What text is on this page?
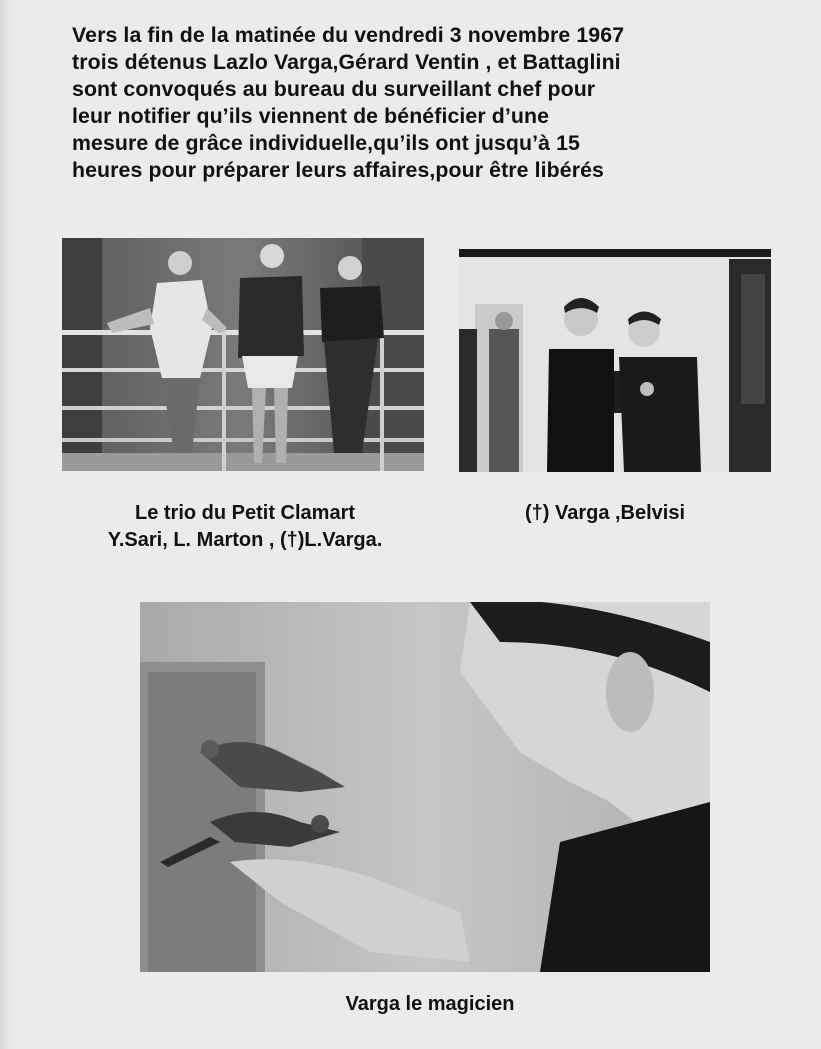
Vers la fin de la matinée du vendredi 3 novembre 1967
trois détenus Lazlo Varga,Gérard Ventin , et Battaglini
sont convoqués au bureau du surveillant chef pour
leur notifier qu’ils viennent de bénéficier d’une
mesure de grâce individuelle,qu’ils ont jusqu’à 15
heures pour préparer leurs affaires,pour être libérés
Le trio du Petit Clamart
Y.Sari, L. Marton , (†)L.Varga.
(†) Varga ,Belvisi
Varga le magicien
